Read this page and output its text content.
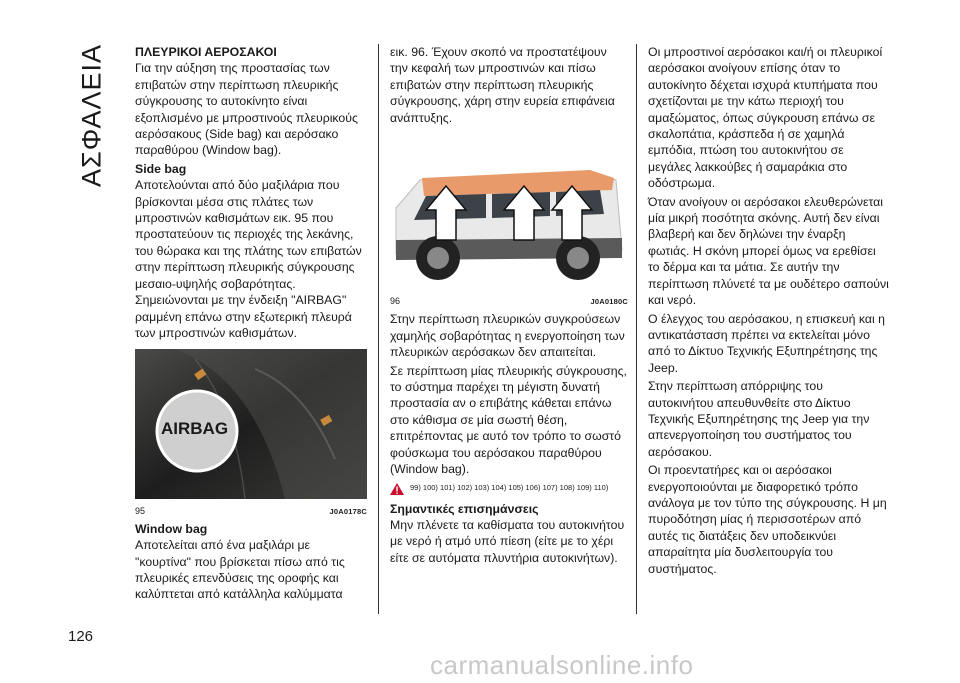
ΑΣΦΑΛΕΙΑ
126
ΠΛΕΥΡΙΚΟΙ ΑΕΡΟΣΑΚΟΙ

Για την αύξηση της προστασίας των επιβατών στην περίπτωση πλευρικής σύγκρουσης το αυτοκίνητο είναι εξοπλισμένο με μπροστινούς πλευρικούς αερόσακους (Side bag) και αερόσακο παραθύρου (Window bag).

Side bag

Αποτελούνται από δύο μαξιλάρια που βρίσκονται μέσα στις πλάτες των μπροστινών καθισμάτων εικ. 95 που προστατεύουν τις περιοχές της λεκάνης, του θώρακα και της πλάτης των επιβατών στην περίπτωση πλευρικής σύγκρουσης μεσαιο-υψηλής σοβαρότητας. Σημειώνονται με την ένδειξη "AIRBAG" ραμμένη επάνω στην εξωτερική πλευρά των μπροστινών καθισμάτων.

AIRBAG
95	J0A0178C
Window bag

Αποτελείται από ένα μαξιλάρι με "κουρτίνα" που βρίσκεται πίσω από τις πλευρικές επενδύσεις της οροφής και καλύπτεται από κατάλληλα καλύμματα

εικ. 96. Έχουν σκοπό να προστατέψουν την κεφαλή των μπροστινών και πίσω επιβατών στην περίπτωση πλευρικής σύγκρουσης, χάρη στην ευρεία επιφάνεια ανάπτυξης.

96	J0A0180C

Στην περίπτωση πλευρικών συγκρούσεων χαμηλής σοβαρότητας η ενεργοποίηση των πλευρικών αερόσακων δεν απαιτείται.

Σε περίπτωση μίας πλευρικής σύγκρουσης, το σύστημα παρέχει τη μέγιστη δυνατή προστασία αν ο επιβάτης κάθεται επάνω στο κάθισμα σε μία σωστή θέση, επιτρέποντας με αυτό τον τρόπο το σωστό φούσκωμα του αερόσακου παραθύρου (Window bag).

99) 100) 101) 102) 103) 104) 105) 106) 107) 108) 109) 110)
Σημαντικές επισημάνσεις

Μην πλένετε τα καθίσματα του αυτοκινήτου με νερό ή ατμό υπό πίεση (είτε με το χέρι είτε σε αυτόματα πλυντήρια αυτοκινήτων).

Οι μπροστινοί αερόσακοι και/ή οι πλευρικοί αερόσακοι ανοίγουν επίσης όταν το αυτοκίνητο δέχεται ισχυρά κτυπήματα που σχετίζονται με την κάτω περιοχή του αμαξώματος, όπως σύγκρουση επάνω σε σκαλοπάτια, κράσπεδα ή σε χαμηλά εμπόδια, πτώση του αυτοκινήτου σε μεγάλες λακκούβες ή σαμαράκια στο οδόστρωμα.

Όταν ανοίγουν οι αερόσακοι ελευθερώνεται μία μικρή ποσότητα σκόνης. Αυτή δεν είναι βλαβερή και δεν δηλώνει την έναρξη φωτιάς. Η σκόνη μπορεί όμως να ερεθίσει το δέρμα και τα μάτια. Σε αυτήν την περίπτωση πλύνετέ τα με ουδέτερο σαπούνι και νερό.

Ο έλεγχος του αερόσακου, η επισκευή και η αντικατάσταση πρέπει να εκτελείται μόνο από το Δίκτυο Τεχνικής Εξυπηρέτησης της Jeep.

Στην περίπτωση απόρριψης του αυτοκινήτου απευθυνθείτε στο Δίκτυο Τεχνικής Εξυπηρέτησης της Jeep για την απενεργοποίηση του συστήματος του αερόσακου.

Οι προεντατήρες και οι αερόσακοι ενεργοποιούνται με διαφορετικό τρόπο ανάλογα με τον τύπο της σύγκρουσης. Η μη πυροδότηση μίας ή περισσοτέρων από αυτές τις διατάξεις δεν υποδεικνύει απαραίτητα μία δυσλειτουργία του συστήματος.

carmanualsonline.info
